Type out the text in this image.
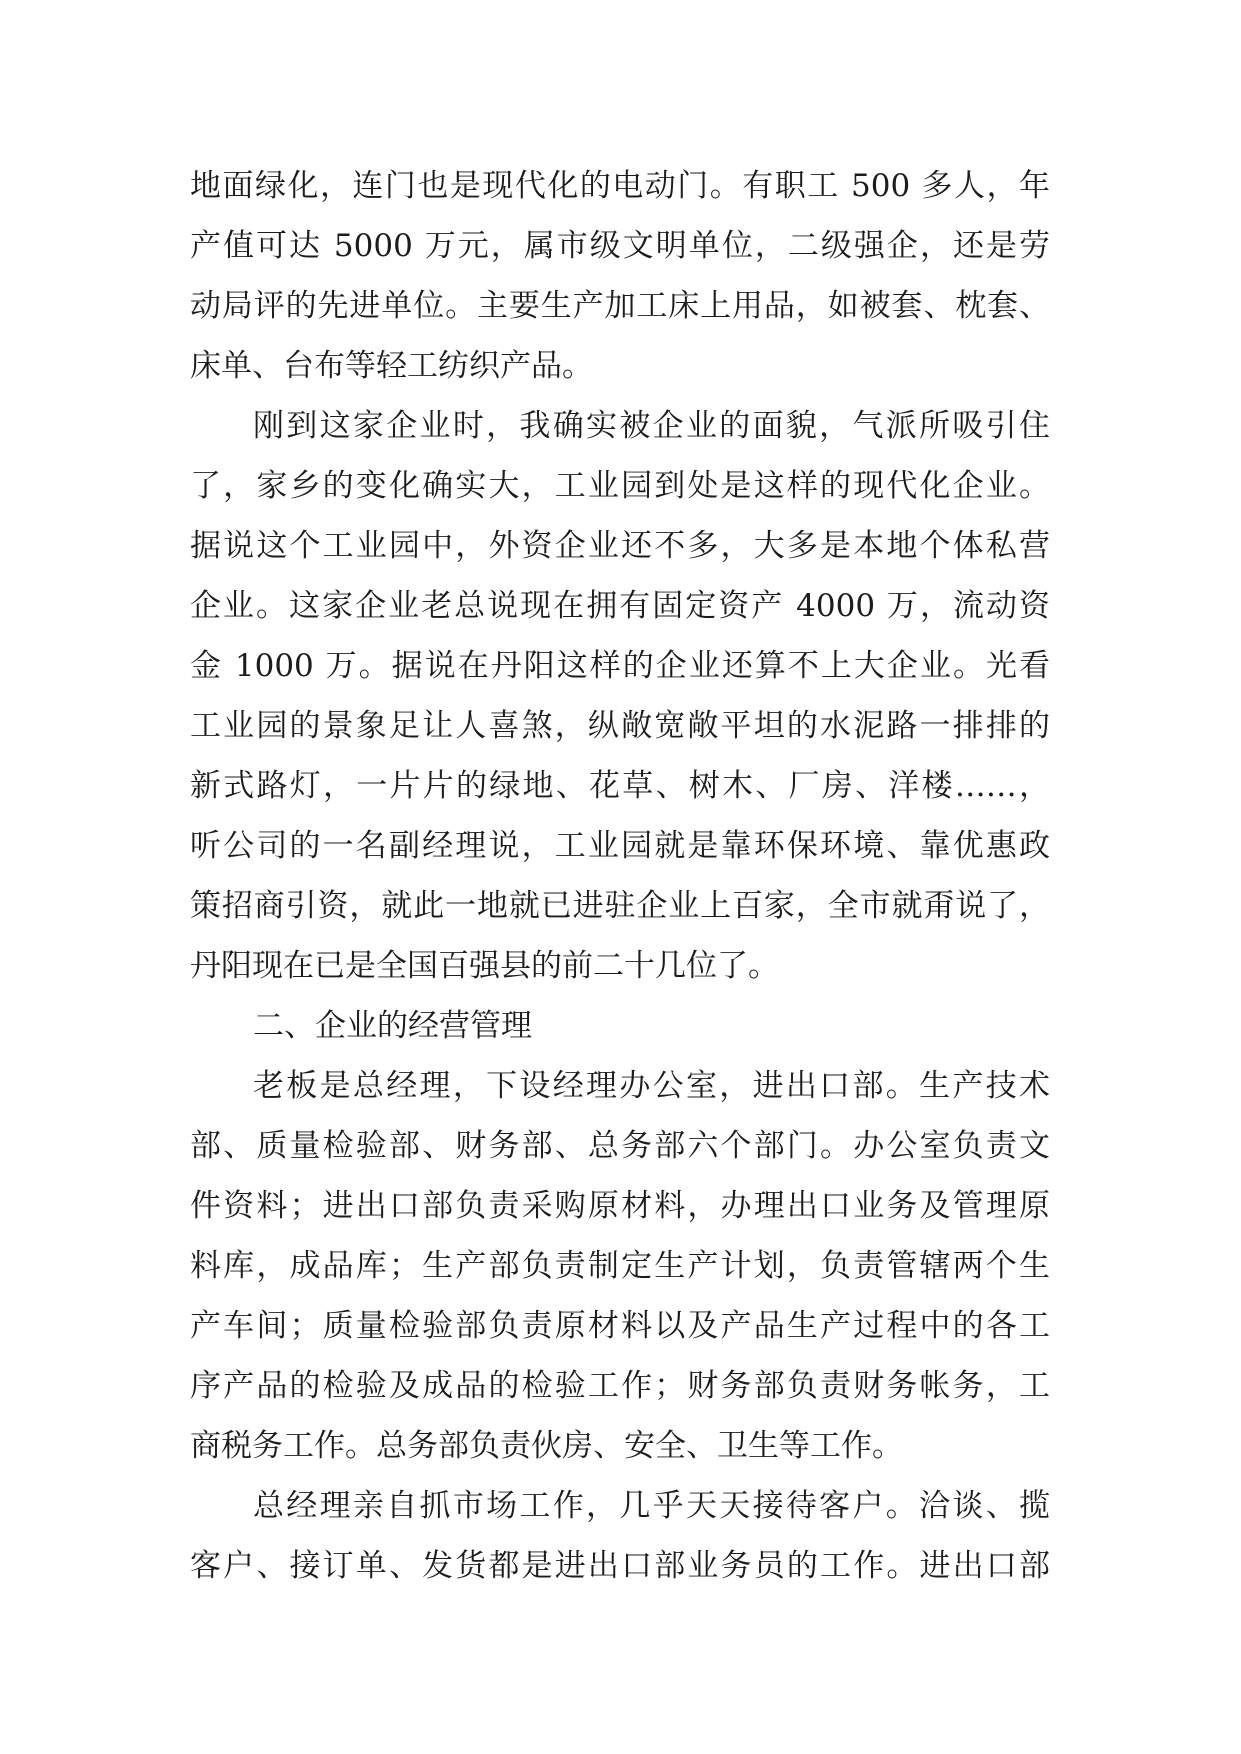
地面绿化，连门也是现代化的电动门。有职工 500 多人，年
产值可达 5000 万元，属市级文明单位，二级强企，还是劳
动局评的先进单位。主要生产加工床上用品，如被套、枕套、
床单、台布等轻工纺织产品。
刚到这家企业时，我确实被企业的面貌，气派所吸引住
了，家乡的变化确实大，工业园到处是这样的现代化企业。
据说这个工业园中，外资企业还不多，大多是本地个体私营
企业。这家企业老总说现在拥有固定资产 4000 万，流动资
金 1000 万。据说在丹阳这样的企业还算不上大企业。光看
工业园的景象足让人喜煞，纵敞宽敞平坦的水泥路一排排的
新式路灯，一片片的绿地、花草、树木、厂房、洋楼……，
听公司的一名副经理说，工业园就是靠环保环境、靠优惠政
策招商引资，就此一地就已进驻企业上百家，全市就甭说了，
丹阳现在已是全国百强县的前二十几位了。
二、企业的经营管理
老板是总经理，下设经理办公室，进出口部。生产技术
部、质量检验部、财务部、总务部六个部门。办公室负责文
件资料；进出口部负责采购原材料，办理出口业务及管理原
料库，成品库；生产部负责制定生产计划，负责管辖两个生
产车间；质量检验部负责原材料以及产品生产过程中的各工
序产品的检验及成品的检验工作；财务部负责财务帐务，工
商税务工作。总务部负责伙房、安全、卫生等工作。
总经理亲自抓市场工作，几乎天天接待客户。洽谈、揽
客户、接订单、发货都是进出口部业务员的工作。进出口部
